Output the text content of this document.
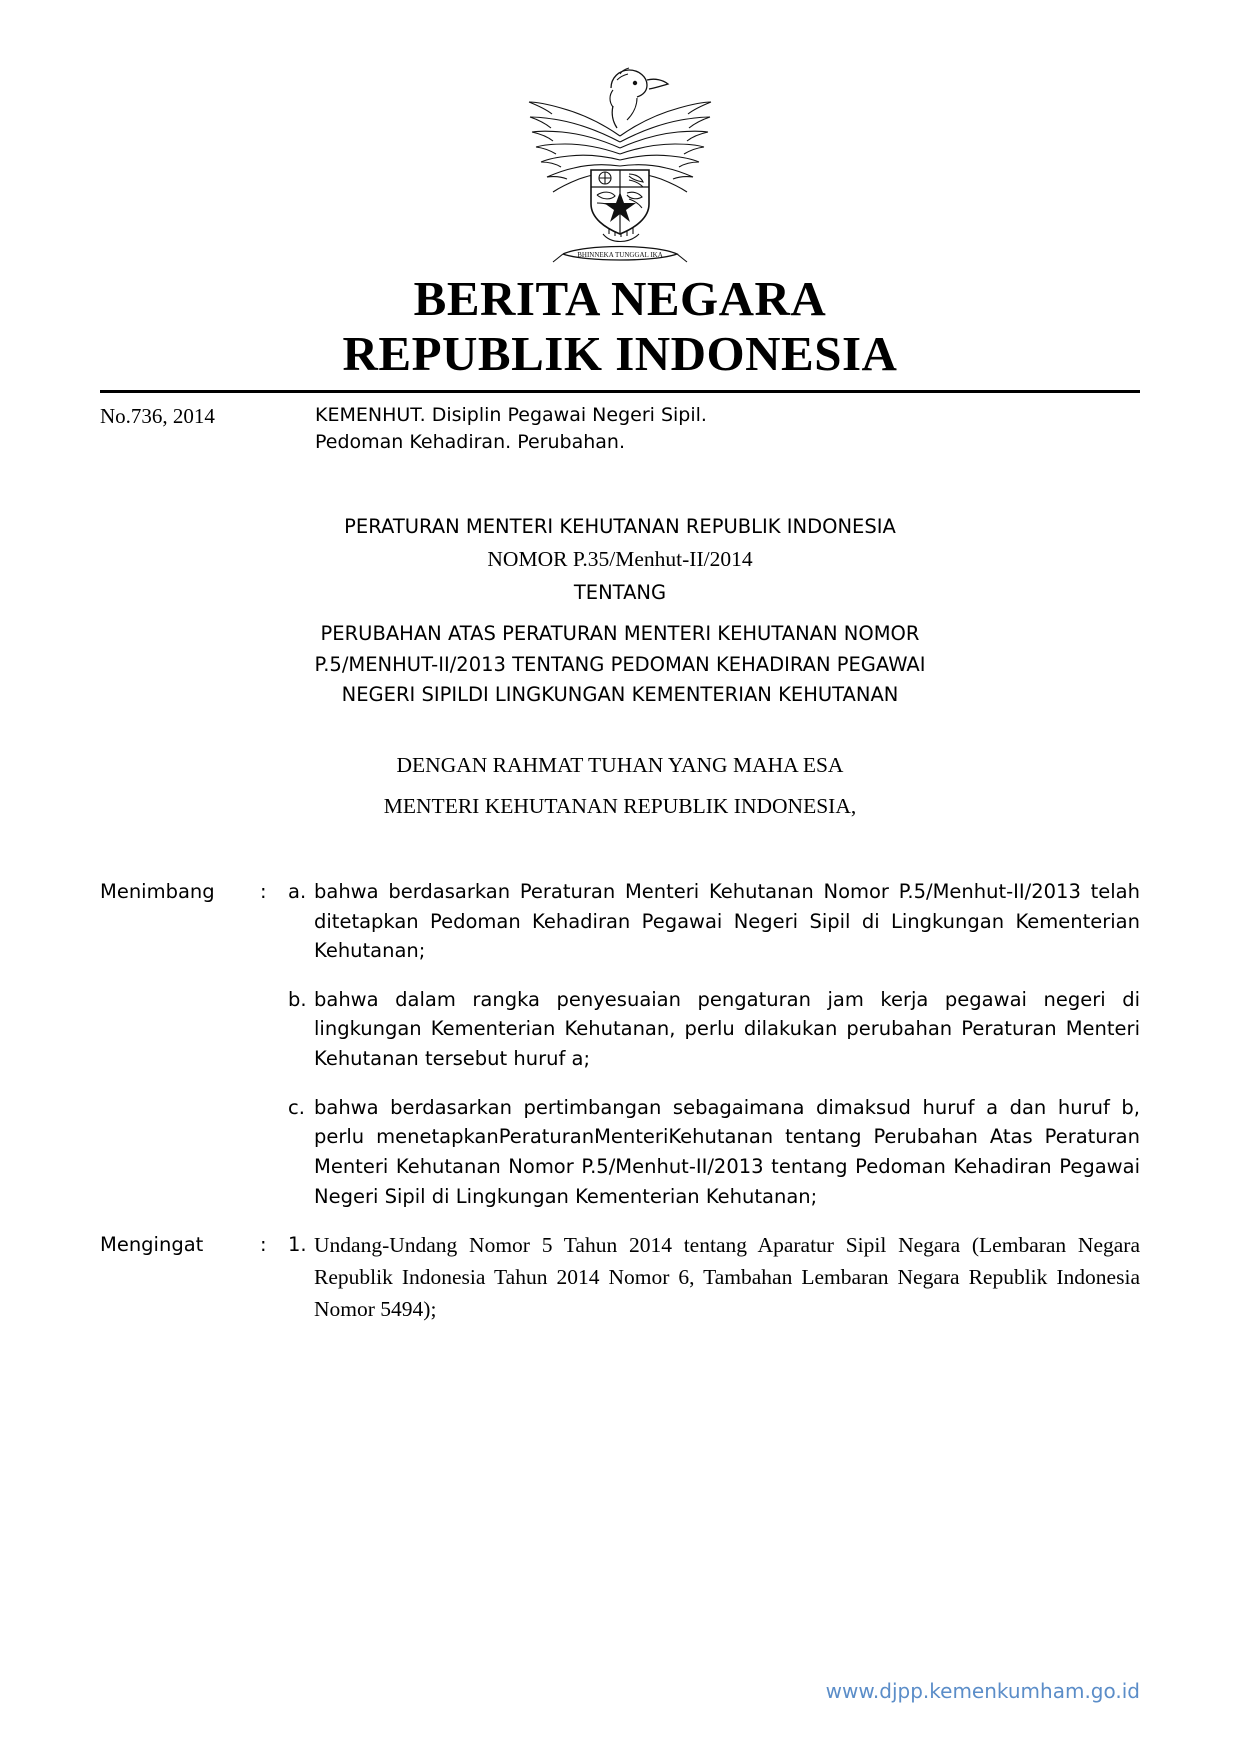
BHINNEKA TUNGGAL IKA
BERITA NEGARA
REPUBLIK INDONESIA
No.736, 2014	KEMENHUT. Disiplin Pegawai Negeri Sipil.
Pedoman Kehadiran. Perubahan.
PERATURAN MENTERI KEHUTANAN REPUBLIK INDONESIA
NOMOR P.35/Menhut-II/2014
TENTANG
PERUBAHAN ATAS PERATURAN MENTERI KEHUTANAN NOMOR
P.5/MENHUT-II/2013 TENTANG PEDOMAN KEHADIRAN PEGAWAI
NEGERI SIPILDI LINGKUNGAN KEMENTERIAN KEHUTANAN
DENGAN RAHMAT TUHAN YANG MAHA ESA
MENTERI KEHUTANAN REPUBLIK INDONESIA,
Menimbang	:	a. bahwa berdasarkan Peraturan Menteri Kehutanan Nomor P.5/Menhut-II/2013 telah ditetapkan Pedoman Kehadiran Pegawai Negeri Sipil di Lingkungan Kementerian Kehutanan;
b. bahwa dalam rangka penyesuaian pengaturan jam kerja pegawai negeri di lingkungan Kementerian Kehutanan, perlu dilakukan perubahan Peraturan Menteri Kehutanan tersebut huruf a;
c. bahwa berdasarkan pertimbangan sebagaimana dimaksud huruf a dan huruf b, perlu menetapkanPeraturanMenteriKehutanan tentang Perubahan Atas Peraturan Menteri Kehutanan Nomor P.5/Menhut-II/2013 tentang Pedoman Kehadiran Pegawai Negeri Sipil di Lingkungan Kementerian Kehutanan;
Mengingat	:	1. Undang-Undang Nomor 5 Tahun 2014 tentang Aparatur Sipil Negara (Lembaran Negara Republik Indonesia Tahun 2014 Nomor 6, Tambahan Lembaran Negara Republik Indonesia Nomor 5494);
www.djpp.kemenkumham.go.id
